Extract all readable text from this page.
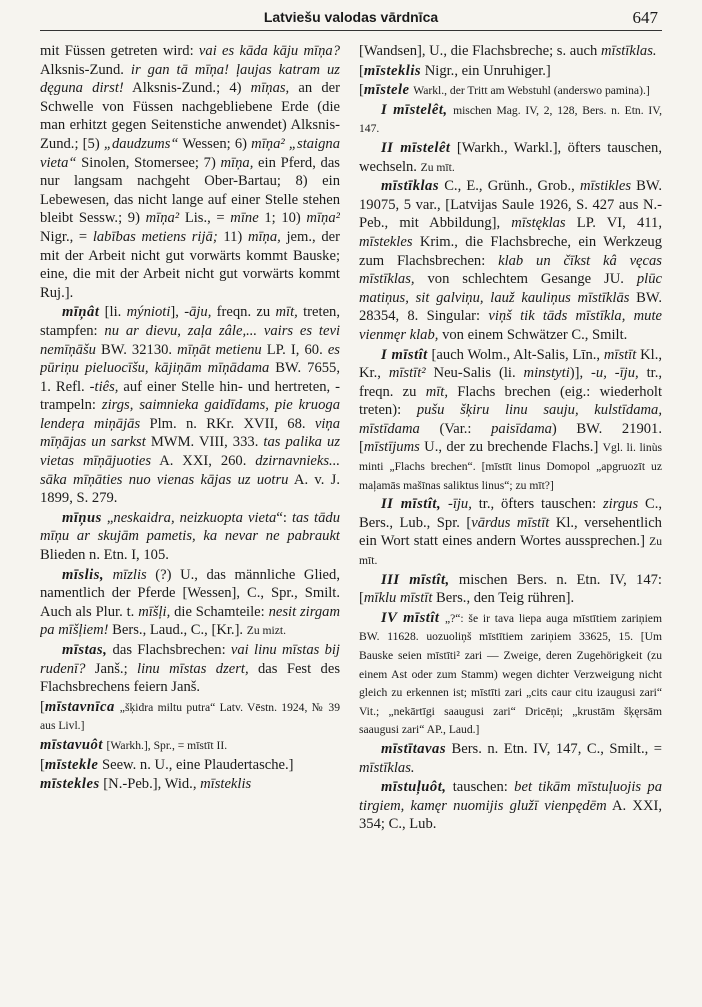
Latviešu valodas vārdnīca	647

mit Füssen getreten wird: vai es kāda kāju mīņa? Alksnis-Zund. ir gan tā mīņa! ļaujas katram uz dęguna dirst! Alksnis-Zund.; 4) mīņas, an der Schwelle von Füssen nachgebliebene Erde (die man erhitzt gegen Seitenstiche anwendet) Alksnis-Zund.; [5) „daudzums“ Wessen; 6) mīņa² „staigna vieta“ Sinolen, Stomersee; 7) mīņa, ein Pferd, das nur langsam nachgeht Ober-Bartau; 8) ein Lebewesen, das nicht lange auf einer Stelle stehen bleibt Sessw.; 9) mīņa² Lis., = mīne 1; 10) mīņa² Nigr., = labības metiens rijā; 11) mīņa, jem., der mit der Arbeit nicht gut vorwärts kommt Bauske; eine, die mit der Arbeit nicht gut vorwärts kommt Ruj.].

mīņât [li. mýnioti], -āju, freqn. zu mīt, treten, stampfen: nu ar dievu, zaļa zâle,... vairs es tevi nemīņāšu BW. 32130. mīņāt metienu LP. I, 60. es pūriņu pieluocīšu, kājiņām mīņādama BW. 7655, 1. Refl. -tiês, auf einer Stelle hin- und hertreten, -trampeln: zirgs, saimnieka gaidīdams, pie kruoga lendeŗa miņājās Plm. n. RKr. XVII, 68. viņa mīņājas un sarkst MWM. VIII, 333. tas palika uz vietas mīņājuoties A. XXI, 260. dzirnavnieks... sāka mīņāties nuo vienas kājas uz uotru A. v. J. 1899, S. 279.

mīņus „neskaidra, neizkuopta vieta“: tas tādu mīņu ar skujām pametis, ka nevar ne pabraukt Blieden n. Etn. I, 105.

mīslis, mīzlis (?) U., das männliche Glied, namentlich der Pferde [Wessen], C., Spr., Smilt. Auch als Plur. t. mīšļi, die Schamteile: nesit zirgam pa mīšļiem! Bers., Laud., C., [Kr.]. Zu mizt.

mīstas, das Flachsbrechen: vai linu mīstas bij rudenī? Janš.; linu mīstas dzert, das Fest des Flachsbrechens feiern Janš.

[mīstavnīca „šķidra miltu putra“ Latv. Vēstn. 1924, № 39 aus Livl.]

mīstavuôt [Warkh.], Spr., = mīstīt II.

[mīstekle Seew. n. U., eine Plaudertasche.]

mīstekles [N.-Peb.], Wid., mīsteklis

[Wandsen], U., die Flachsbreche; s. auch mīstīklas.

[mīsteklis Nigr., ein Unruhiger.]

[mīstele Warkl., der Tritt am Webstuhl (anderswo pamina).]

I mīstelêt, mischen Mag. IV, 2, 128, Bers. n. Etn. IV, 147.

II mīstelêt [Warkh., Warkl.], öfters tauschen, wechseln. Zu mīt.

mīstīklas C., E., Grünh., Grob., mīstikles BW. 19075, 5 var., [Latvijas Saule 1926, S. 427 aus N.-Peb., mit Abbildung], mīstęklas LP. VI, 411, mīstekles Krim., die Flachsbreche, ein Werkzeug zum Flachsbrechen: klab un čīkst kâ vęcas mīstīklas, von schlechtem Gesange JU. plūc matiņus, sit galviņu, lauž kauliņus mīstīklās BW. 28354, 8. Singular: viņš tik tāds mīstīkla, mute vienmęr klab, von einem Schwätzer C., Smilt.

I mīstît [auch Wolm., Alt-Salis, Līn., mīstīt Kl., Kr., mīstīt² Neu-Salis (li. minstyti)], -u, -īju, tr., freqn. zu mīt, Flachs brechen (eig.: wiederholt treten): pušu šķiru linu sauju, kulstīdama, mīstīdama (Var.: paisīdama) BW. 21901. [mīstījums U., der zu brechende Flachs.] Vgl. li. linùs minti „Flachs brechen“. [mīstīt linus Domopol „apgruozīt uz maļamās mašīnas saliktus linus“; zu mīt?]

II mīstît, -īju, tr., öfters tauschen: zirgus C., Bers., Lub., Spr. [vārdus mīstīt Kl., versehentlich ein Wort statt eines andern Wortes aussprechen.] Zu mīt.

III mīstît, mischen Bers. n. Etn. IV, 147: [mīklu mīstīt Bers., den Teig rühren].

IV mīstît „?“: še ir tava liepa auga mīstītiem zariņiem BW. 11628. uozuoliņš mīstītiem zariņiem 33625, 15. [Um Bauske seien mīstīti² zari — Zweige, deren Zugehörigkeit (zu einem Ast oder zum Stamm) wegen dichter Verzweigung nicht gleich zu erkennen ist; mīstīti zari „cits caur citu izaugusi zari“ Vit.; „nekārtīgi saaugusi zari“ Dricēņi; „krustām šķęrsām saaugusi zari“ AP., Laud.]

mīstītavas Bers. n. Etn. IV, 147, C., Smilt., = mīstīklas.

mīstuļuôt, tauschen: bet tikām mīstuļuojis pa tirgiem, kamęr nuomijis glužī vienpędēm A. XXI, 354; C., Lub.
